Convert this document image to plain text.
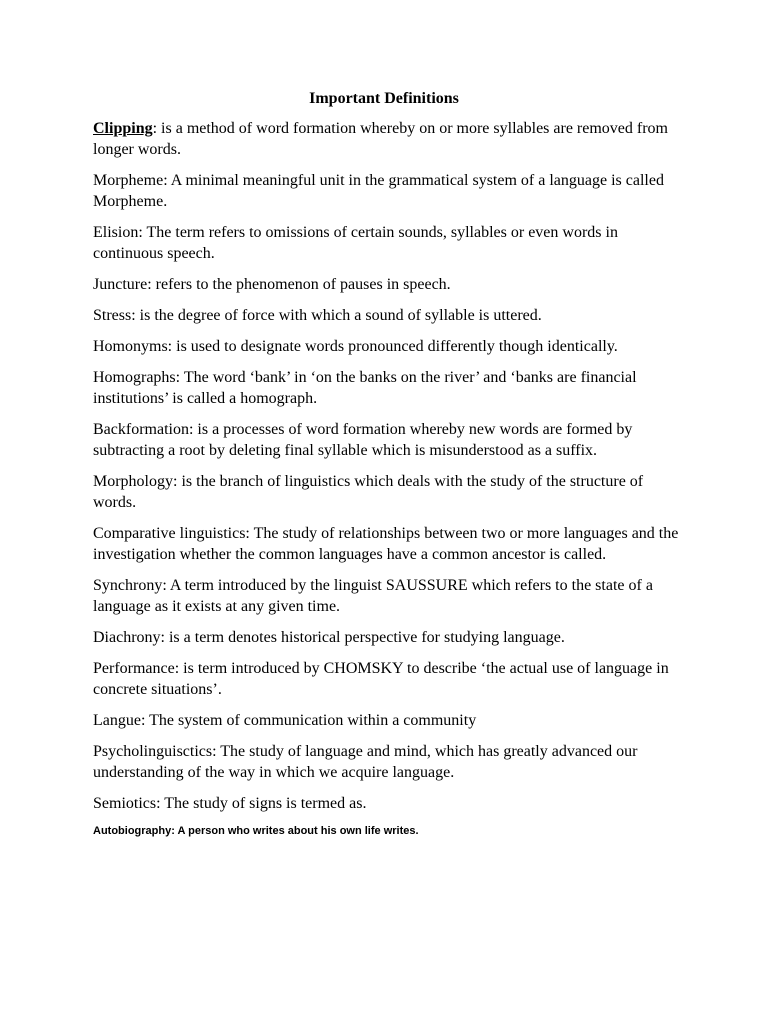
Important Definitions

Clipping: is a method of word formation whereby on or more syllables are removed from longer words.

Morpheme: A minimal meaningful unit in the grammatical system of a language is called Morpheme.

Elision: The term refers to omissions of certain sounds, syllables or even words in continuous speech.

Juncture: refers to the phenomenon of pauses in speech.

Stress: is the degree of force with which a sound of syllable is uttered.

Homonyms: is used to designate words pronounced differently though identically.

Homographs: The word ‘bank’ in ‘on the banks on the river’ and ‘banks are financial institutions’ is called a homograph.

Backformation: is a processes of word formation whereby new words are formed by subtracting a root by deleting final syllable which is misunderstood as a suffix.

Morphology: is the branch of linguistics which deals with the study of the structure of words.

Comparative linguistics: The study of relationships between two or more languages and the investigation whether the common languages have a common ancestor is called.

Synchrony: A term introduced by the linguist SAUSSURE which refers to the state of a language as it exists at any given time.

Diachrony: is a term denotes historical perspective for studying language.

Performance: is term introduced by CHOMSKY to describe ‘the actual use of language in concrete situations’.

Langue: The system of communication within a community

Psycholinguisctics: The study of language and mind, which has greatly advanced our understanding of the way in which we acquire language.

Semiotics: The study of signs is termed as.

Autobiography: A person who writes about his own life writes.
